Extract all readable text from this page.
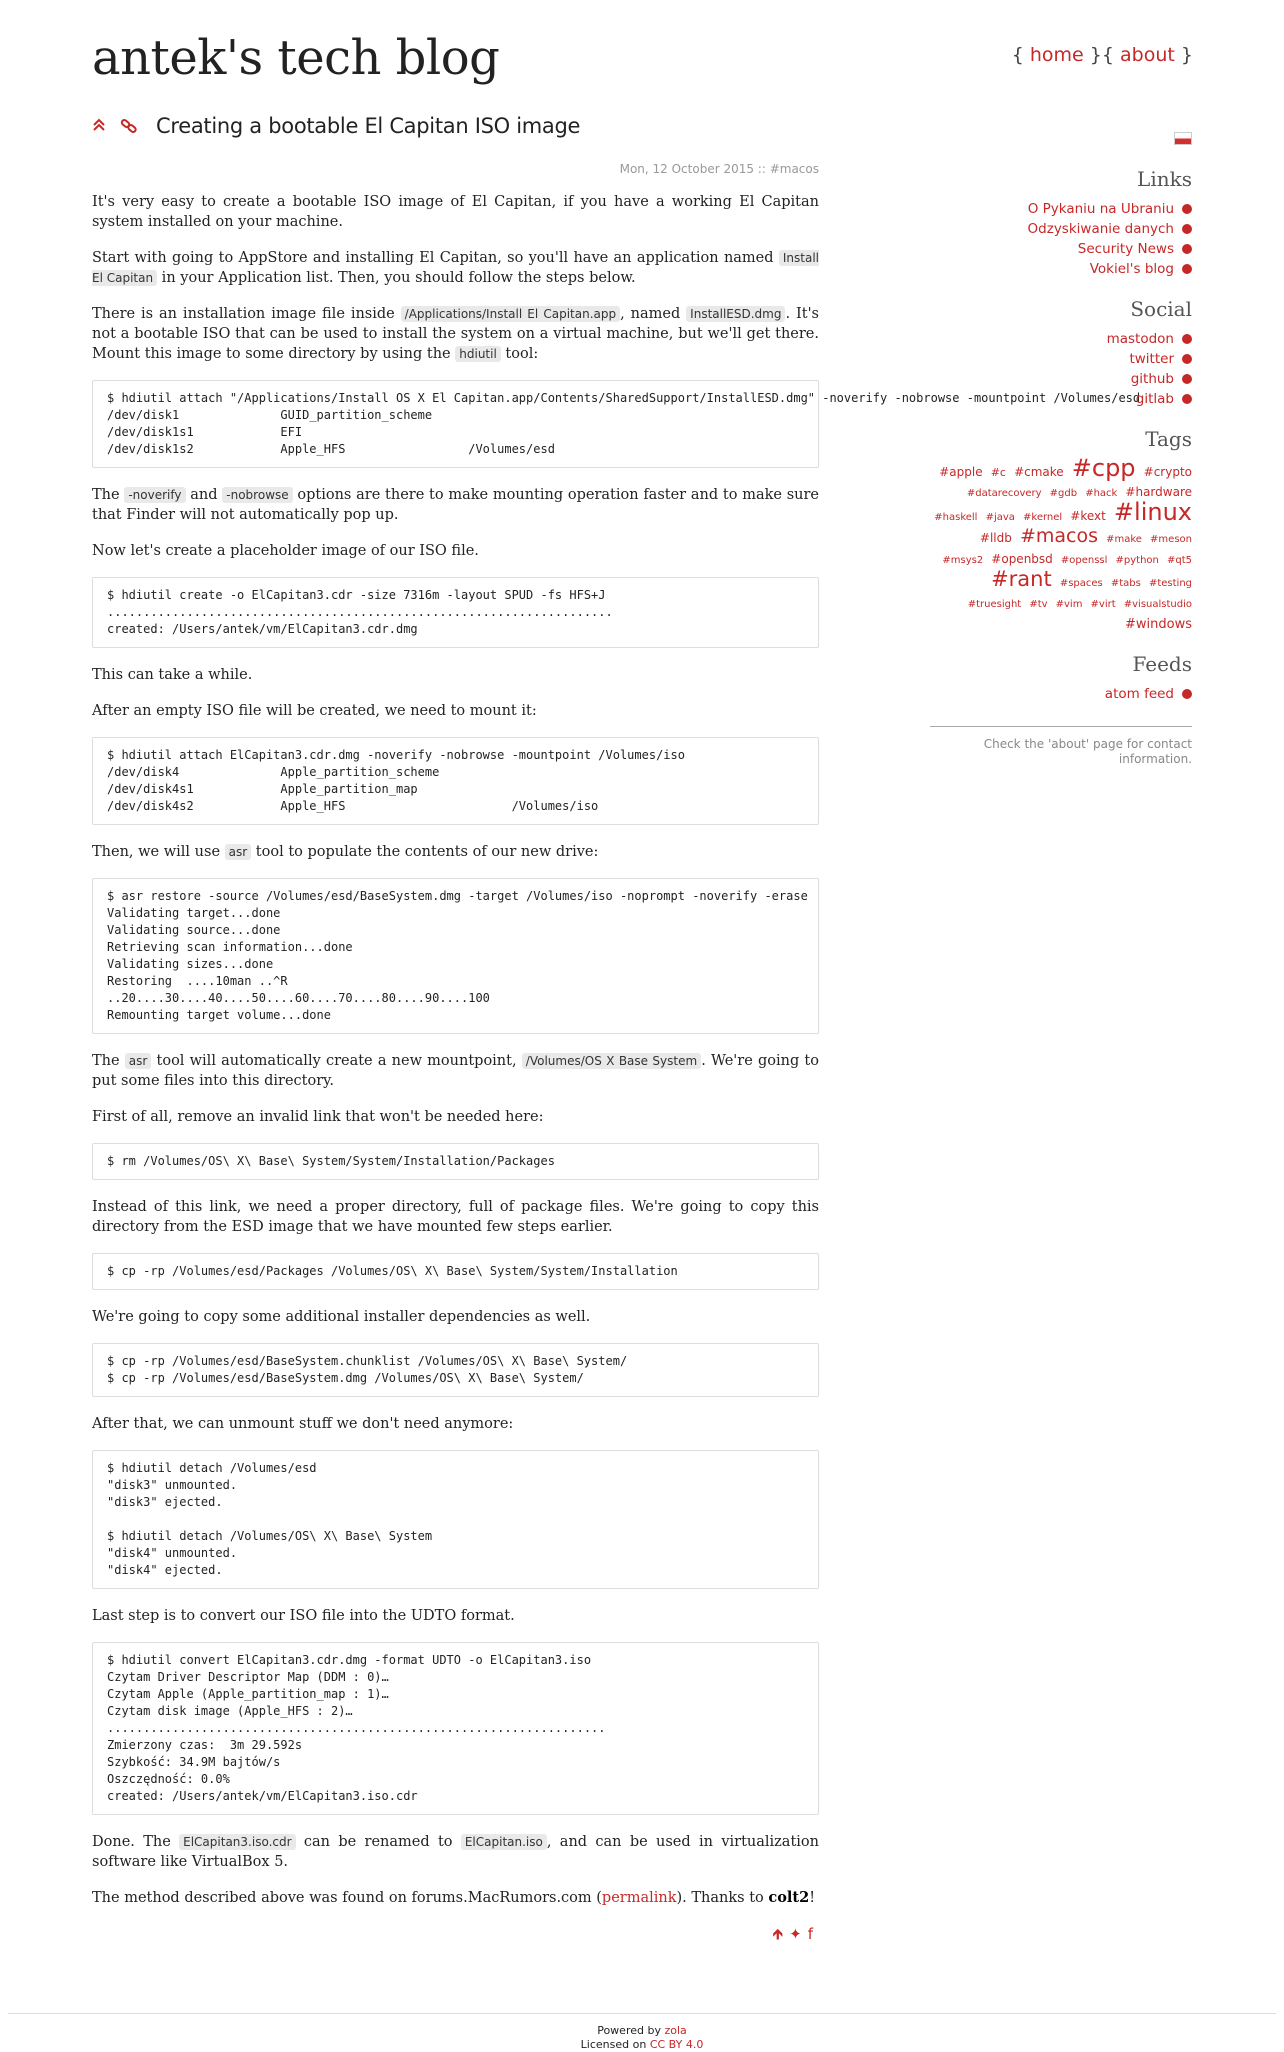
antek's tech blog	{ home }{ about }
Creating a bootable El Capitan ISO image
Mon, 12 October 2015 :: #macos

It's very easy to create a bootable ISO image of El Capitan, if you have a working El Capitan system installed on your machine.

Start with going to AppStore and installing El Capitan, so you'll have an application named Install El Capitan in your Application list. Then, you should follow the steps below.

There is an installation image file inside /Applications/Install El Capitan.app , named InstallESD.dmg . It's not a bootable ISO that can be used to install the system on a virtual machine, but we'll get there. Mount this image to some directory by using the hdiutil tool:

$ hdiutil attach "/Applications/Install OS X El Capitan.app/Contents/SharedSupport/InstallESD.dmg" -noverify -nobrowse -mountpoint /Volumes/esd
/dev/disk1              GUID_partition_scheme
/dev/disk1s1            EFI
/dev/disk1s2            Apple_HFS                 /Volumes/esd

The -noverify and -nobrowse options are there to make mounting operation faster and to make sure that Finder will not automatically pop up.

Now let's create a placeholder image of our ISO file.

$ hdiutil create -o ElCapitan3.cdr -size 7316m -layout SPUD -fs HFS+J
......................................................................
created: /Users/antek/vm/ElCapitan3.cdr.dmg

This can take a while.

After an empty ISO file will be created, we need to mount it:

$ hdiutil attach ElCapitan3.cdr.dmg -noverify -nobrowse -mountpoint /Volumes/iso
/dev/disk4              Apple_partition_scheme
/dev/disk4s1            Apple_partition_map
/dev/disk4s2            Apple_HFS                       /Volumes/iso

Then, we will use asr tool to populate the contents of our new drive:

$ asr restore -source /Volumes/esd/BaseSystem.dmg -target /Volumes/iso -noprompt -noverify -erase
Validating target...done
Validating source...done
Retrieving scan information...done
Validating sizes...done
Restoring  ....10man ..^R
..20....30....40....50....60....70....80....90....100
Remounting target volume...done

The asr tool will automatically create a new mountpoint, /Volumes/OS X Base System . We're going to put some files into this directory.

First of all, remove an invalid link that won't be needed here:

$ rm /Volumes/OS\ X\ Base\ System/System/Installation/Packages

Instead of this link, we need a proper directory, full of package files. We're going to copy this directory from the ESD image that we have mounted few steps earlier.

$ cp -rp /Volumes/esd/Packages /Volumes/OS\ X\ Base\ System/System/Installation

We're going to copy some additional installer dependencies as well.

$ cp -rp /Volumes/esd/BaseSystem.chunklist /Volumes/OS\ X\ Base\ System/
$ cp -rp /Volumes/esd/BaseSystem.dmg /Volumes/OS\ X\ Base\ System/

After that, we can unmount stuff we don't need anymore:

$ hdiutil detach /Volumes/esd
"disk3" unmounted.
"disk3" ejected.

$ hdiutil detach /Volumes/OS\ X\ Base\ System
"disk4" unmounted.
"disk4" ejected.

Last step is to convert our ISO file into the UDTO format.

$ hdiutil convert ElCapitan3.cdr.dmg -format UDTO -o ElCapitan3.iso
Czytam Driver Descriptor Map (DDM : 0)…
Czytam Apple (Apple_partition_map : 1)…
Czytam disk image (Apple_HFS : 2)…
.....................................................................
Zmierzony czas:  3m 29.592s
Szybkość: 34.9M bajtów/s
Oszczędność: 0.0%
created: /Users/antek/vm/ElCapitan3.iso.cdr

Done. The ElCapitan3.iso.cdr can be renamed to ElCapitan.iso , and can be used in virtualization software like VirtualBox 5.

The method described above was found on forums.MacRumors.com (permalink). Thanks to colt2!

🡹✦f
Links
O Pykaniu na Ubraniu
Odzyskiwanie danych
Security News
Vokiel's blog
Social
mastodon
twitter
github
gitlab
Tags
#apple #c #cmake #cpp #crypto #datarecovery #gdb #hack #hardware #haskell #java #kernel #kext #linux #lldb #macos #make #meson #msys2 #openbsd #openssl #python #qt5 #rant #spaces #tabs #testing #truesight #tv #vim #virt #visualstudio #windows
Feeds
atom feed
Check the 'about' page for contact information.
Powered by zola
Licensed on CC BY 4.0
